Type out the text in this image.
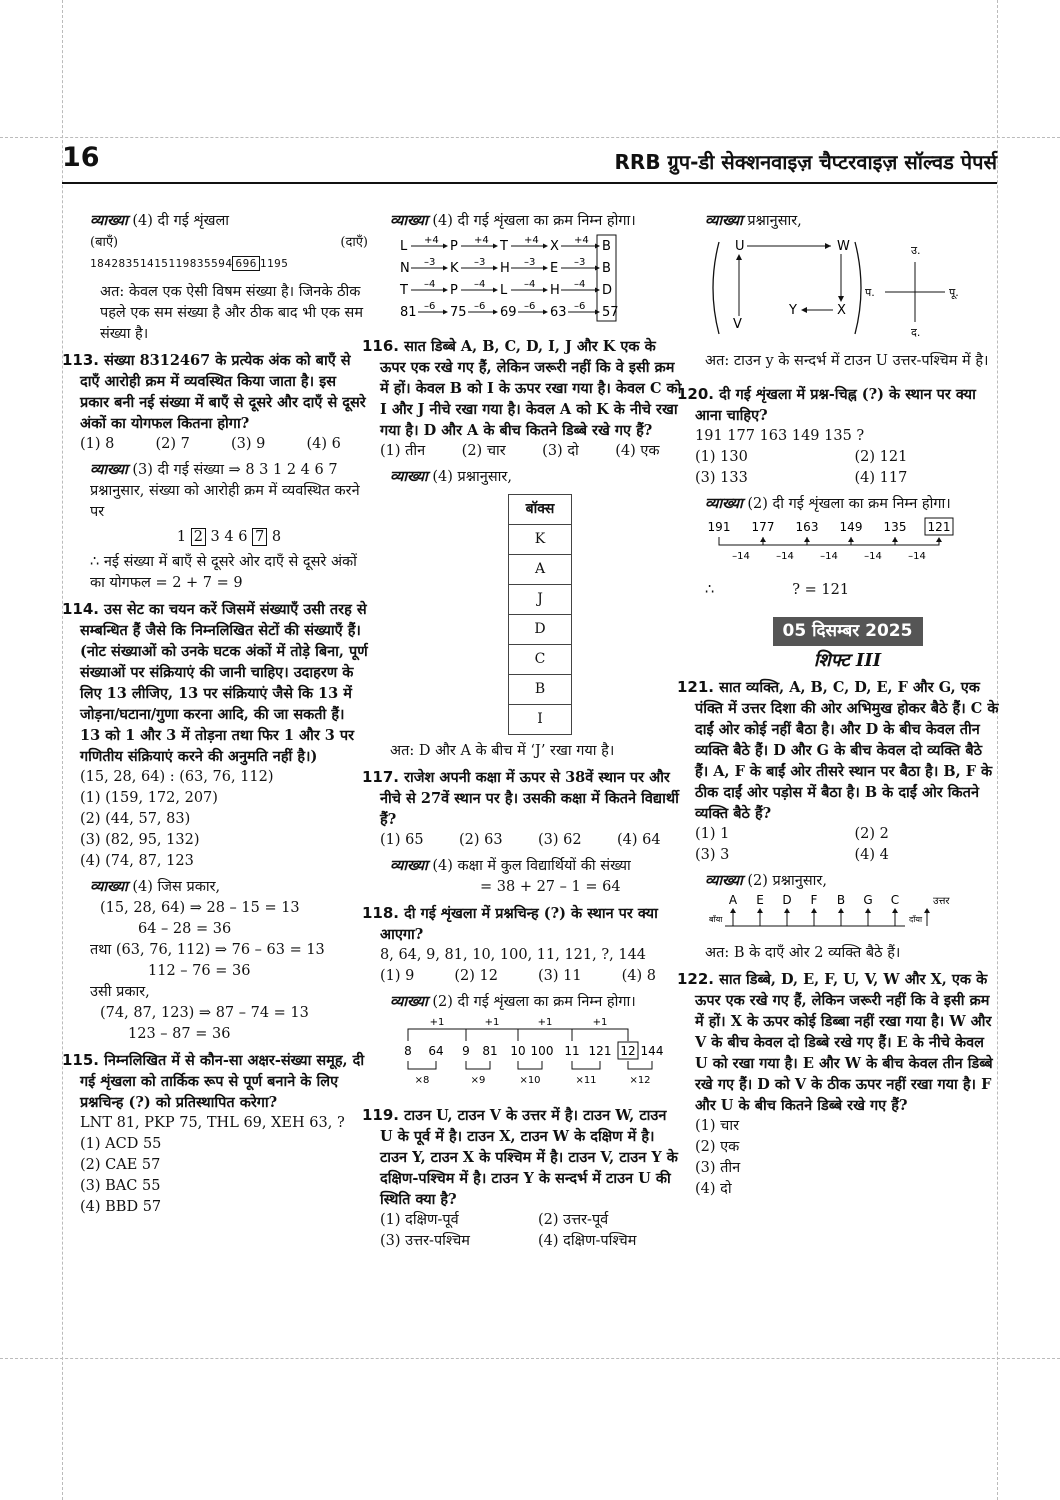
16	RRB ग्रुप-डी सेक्शनवाइज़ चैप्टरवाइज़ सॉल्वड पेपर्स
व्याख्या (4) दी गई शृंखला
(बाएँ)	(दाएँ)
18428351415119835594 696 1195
अत: केवल एक ऐसी विषम संख्या है। जिनके ठीक पहले एक सम संख्या है और ठीक बाद भी एक सम संख्या है।
113. संख्या 8312467 के प्रत्येक अंक को बाएँ से दाएँ आरोही क्रम में व्यवस्थित किया जाता है। इस प्रकार बनी नई संख्या में बाएँ से दूसरे और दाएँ से दूसरे अंकों का योगफल कितना होगा?
(1) 8	(2) 7	(3) 9	(4) 6
व्याख्या (3) दी गई संख्या ⇒ 8 3 1 2 4 6 7
प्रश्नानुसार, संख्या को आरोही क्रम में व्यवस्थित करने पर
1 2 3 4 6 7 8
∴ नई संख्या में बाएँ से दूसरे ओर दाएँ से दूसरे अंकों का योगफल = 2 + 7 = 9
114. उस सेट का चयन करें जिसमें संख्याएँ उसी तरह से सम्बन्धित हैं जैसे कि निम्नलिखित सेटों की संख्याएँ हैं। (नोट संख्याओं को उनके घटक अंकों में तोड़े बिना, पूर्ण संख्याओं पर संक्रियाएं की जानी चाहिए। उदाहरण के लिए 13 लीजिए, 13 पर संक्रियाएं जैसे कि 13 में जोड़ना/घटाना/गुणा करना आदि, की जा सकती हैं। 13 को 1 और 3 में तोड़ना तथा फिर 1 और 3 पर गणितीय संक्रियाएं करने की अनुमति नहीं है।)
(15, 28, 64) : (63, 76, 112)
(1) (159, 172, 207)
(2) (44, 57, 83)
(3) (82, 95, 132)
(4) (74, 87, 123
व्याख्या (4) जिस प्रकार,
(15, 28, 64) ⇒ 28 – 15 = 13
64 – 28 = 36
तथा (63, 76, 112) ⇒ 76 – 63 = 13
112 – 76 = 36
उसी प्रकार,
(74, 87, 123) ⇒ 87 – 74 = 13
123 – 87 = 36
115. निम्नलिखित में से कौन-सा अक्षर-संख्या समूह, दी गई शृंखला को तार्किक रूप से पूर्ण बनाने के लिए प्रश्नचिन्ह (?) को प्रतिस्थापित करेगा?
LNT 81, PKP 75, THL 69, XEH 63, ?
(1) ACD 55
(2) CAE 57
(3) BAC 55
(4) BBD 57
व्याख्या (4) दी गई शृंखला का क्रम निम्न होगा।
L +4 P +4 T +4 X +4 B
N –3 K –3 H –3 E –3 B
T –4 P –4 L –4 H –4 D
81 –6 75 –6 69 –6 63 –6 57
116. सात डिब्बे A, B, C, D, I, J और K एक के ऊपर एक रखे गए हैं, लेकिन जरूरी नहीं कि वे इसी क्रम में हों। केवल B को I के ऊपर रखा गया है। केवल C को I और J नीचे रखा गया है। केवल A को K के नीचे रखा गया है। D और A के बीच कितने डिब्बे रखे गए हैं?
(1) तीन	(2) चार	(3) दो	(4) एक
व्याख्या (4) प्रश्नानुसार,
बॉक्स
K
A
J
D
C
B
I
अत: D और A के बीच में ‘J’ रखा गया है।
117. राजेश अपनी कक्षा में ऊपर से 38वें स्थान पर और नीचे से 27वें स्थान पर है। उसकी कक्षा में कितने विद्यार्थी हैं?
(1) 65	(2) 63	(3) 62	(4) 64
व्याख्या (4) कक्षा में कुल विद्यार्थियों की संख्या
= 38 + 27 – 1 = 64
118. दी गई शृंखला में प्रश्नचिन्ह (?) के स्थान पर क्या आएगा?
8, 64, 9, 81, 10, 100, 11, 121, ?, 144
(1) 9	(2) 12	(3) 11	(4) 8
व्याख्या (2) दी गई शृंखला का क्रम निम्न होगा।
8 64 9 81 10 100 11 121 12 144
+1	+1	+1	+1
×8	×9	×10	×11	×12
119. टाउन U, टाउन V के उत्तर में है। टाउन W, टाउन U के पूर्व में है। टाउन X, टाउन W के दक्षिण में है। टाउन Y, टाउन X के पश्चिम में है। टाउन V, टाउन Y के दक्षिण-पश्चिम में है। टाउन Y के सन्दर्भ में टाउन U की स्थिति क्या है?
(1) दक्षिण-पूर्व	(2) उत्तर-पूर्व
(3) उत्तर-पश्चिम	(4) दक्षिण-पश्चिम
व्याख्या प्रश्नानुसार,
U	W
X
Y
V
उ.
द.
पू.
प.
अत: टाउन y के सन्दर्भ में टाउन U उत्तर-पश्चिम में है।
120. दी गई शृंखला में प्रश्न-चिह्न (?) के स्थान पर क्या आना चाहिए?
191 177 163 149 135 ?
(1) 130	(2) 121
(3) 133	(4) 117
व्याख्या (2) दी गई शृंखला का क्रम निम्न होगा।
191 177 163 149 135 121
–14	–14	–14	–14	–14
∴	? = 121
05 दिसम्बर 2025
शिफ्ट III
121. सात व्यक्ति, A, B, C, D, E, F और G, एक पंक्ति में उत्तर दिशा की ओर अभिमुख होकर बैठे हैं। C के दाईं ओर कोई नहीं बैठा है। और D के बीच केवल तीन व्यक्ति बैठे हैं। D और G के बीच केवल दो व्यक्ति बैठे हैं। A, F के बाईं ओर तीसरे स्थान पर बैठा है। B, F के ठीक दाईं ओर पड़ोस में बैठा है। B के दाईं ओर कितने व्यक्ति बैठे हैं?
(1) 1	(2) 2
(3) 3	(4) 4
व्याख्या (2) प्रश्नानुसार,
A E D F B G C
बाँया	दाँया
उत्तर
अत: B के दाएँ ओर 2 व्यक्ति बैठे हैं।
122. सात डिब्बे, D, E, F, U, V, W और X, एक के ऊपर एक रखे गए हैं, लेकिन जरूरी नहीं कि वे इसी क्रम में हों। X के ऊपर कोई डिब्बा नहीं रखा गया है। W और V के बीच केवल दो डिब्बे रखे गए हैं। E के नीचे केवल U को रखा गया है। E और W के बीच केवल तीन डिब्बे रखे गए हैं। D को V के ठीक ऊपर नहीं रखा गया है। F और U के बीच कितने डिब्बे रखे गए हैं?
(1) चार
(2) एक
(3) तीन
(4) दो
